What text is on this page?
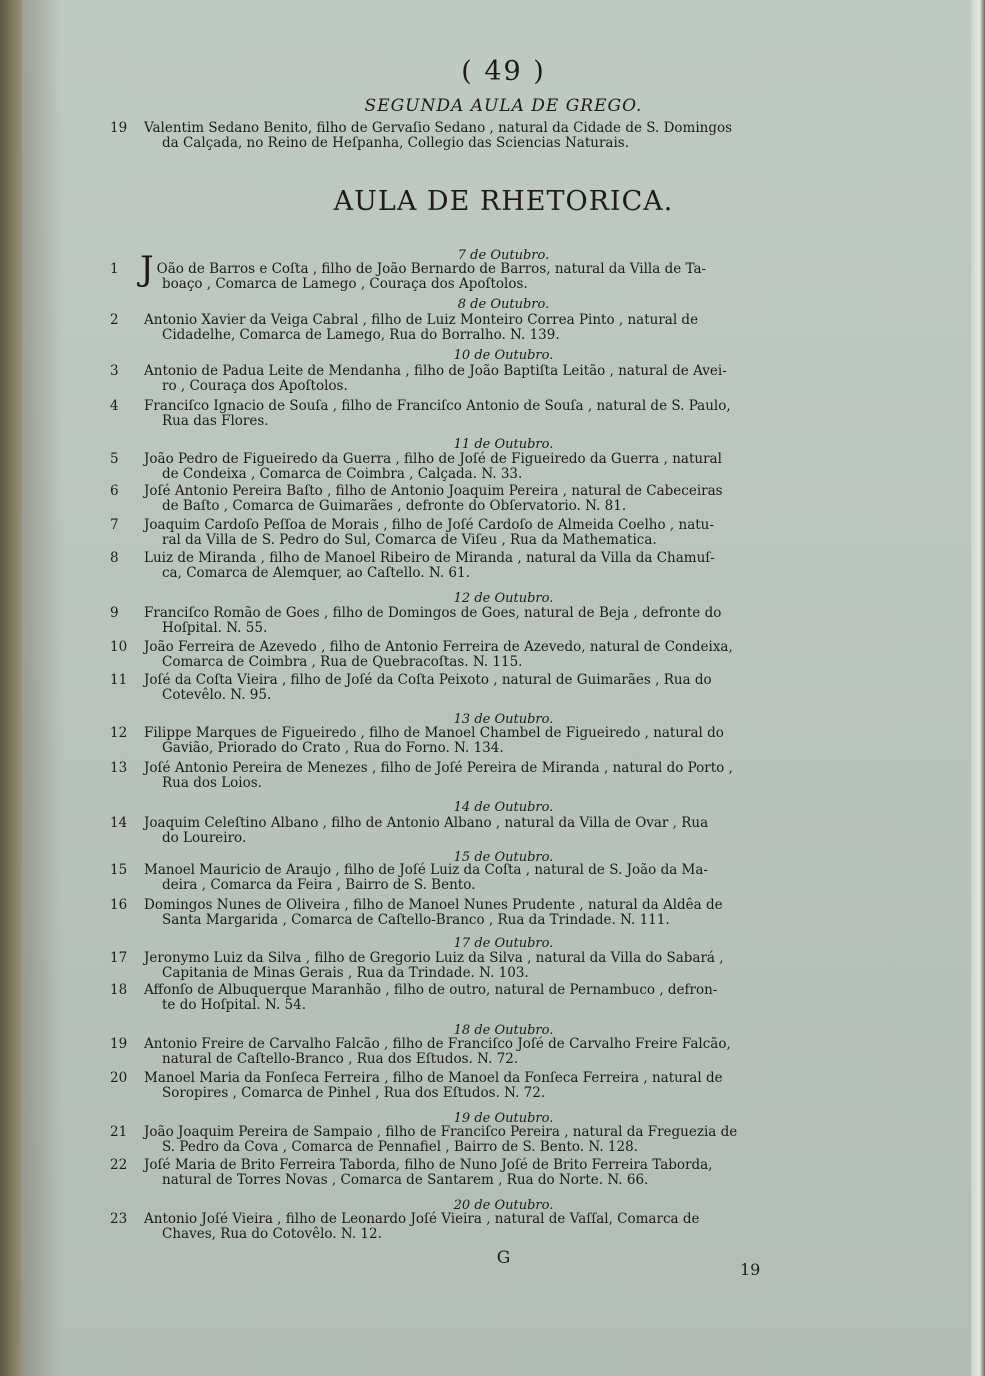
( 49 )
SEGUNDA AULA DE GREGO.
19	Valentim Sedano Benito, filho de Gervaſio Sedano , natural da Cidade de S. Domingos
da Calçada, no Reino de Heſpanha, Collegio das Sciencias Naturais.
AULA DE RHETORICA.
7 de Outubro.
1 J Oão de Barros e Coſta , filho de João Bernardo de Barros, natural da Villa de Ta-
boaço , Comarca de Lamego , Couraça dos Apoſtolos.
8 de Outubro.
2	Antonio Xavier da Veiga Cabral , filho de Luiz Monteiro Correa Pinto , natural de
Cidadelhe, Comarca de Lamego, Rua do Borralho. N. 139.
10 de Outubro.
3	Antonio de Padua Leite de Mendanha , filho de João Baptiſta Leitão , natural de Avei-
ro , Couraça dos Apoſtolos.
4	Franciſco Ignacio de Souſa , filho de Franciſco Antonio de Souſa , natural de S. Paulo,
Rua das Flores.
11 de Outubro.
5	João Pedro de Figueiredo da Guerra , filho de Joſé de Figueiredo da Guerra , natural
de Condeixa , Comarca de Coimbra , Calçada. N. 33.
6	Joſé Antonio Pereira Baſto , filho de Antonio Joaquim Pereira , natural de Cabeceiras
de Baſto , Comarca de Guimarães , defronte do Obſervatorio. N. 81.
7	Joaquim Cardoſo Peſſoa de Morais , filho de Joſé Cardoſo de Almeida Coelho , natu-
ral da Villa de S. Pedro do Sul, Comarca de Viſeu , Rua da Mathematica.
8	Luiz de Miranda , filho de Manoel Ribeiro de Miranda , natural da Villa da Chamuſ-
ca, Comarca de Alemquer, ao Caſtello. N. 61.
12 de Outubro.
9	Franciſco Romão de Goes , filho de Domingos de Goes, natural de Beja , defronte do
Hoſpital. N. 55.
10	João Ferreira de Azevedo , filho de Antonio Ferreira de Azevedo, natural de Condeixa,
Comarca de Coimbra , Rua de Quebracoſtas. N. 115.
11	Joſé da Coſta Vieira , filho de Joſé da Coſta Peixoto , natural de Guimarães , Rua do
Cotevêlo. N. 95.
13 de Outubro.
12	Filippe Marques de Figueiredo , filho de Manoel Chambel de Figueiredo , natural do
Gavião, Priorado do Crato , Rua do Forno. N. 134.
13	Joſé Antonio Pereira de Menezes , filho de Joſé Pereira de Miranda , natural do Porto ,
Rua dos Loios.
14 de Outubro.
14	Joaquim Celeſtino Albano , filho de Antonio Albano , natural da Villa de Ovar , Rua
do Loureiro.
15 de Outubro.
15	Manoel Mauricio de Araujo , filho de Joſé Luiz da Coſta , natural de S. João da Ma-
deira , Comarca da Feira , Bairro de S. Bento.
16	Domingos Nunes de Oliveira , filho de Manoel Nunes Prudente , natural da Aldêa de
Santa Margarida , Comarca de Caſtello-Branco , Rua da Trindade. N. 111.
17 de Outubro.
17	Jeronymo Luiz da Silva , filho de Gregorio Luiz da Silva , natural da Villa do Sabará ,
Capitania de Minas Gerais , Rua da Trindade. N. 103.
18	Affonſo de Albuquerque Maranhão , filho de outro, natural de Pernambuco , defron-
te do Hoſpital. N. 54.
18 de Outubro.
19	Antonio Freire de Carvalho Falcão , filho de Franciſco Joſé de Carvalho Freire Falcão,
natural de Caſtello-Branco , Rua dos Eſtudos. N. 72.
20	Manoel Maria da Fonſeca Ferreira , filho de Manoel da Fonſeca Ferreira , natural de
Soropires , Comarca de Pinhel , Rua dos Eſtudos. N. 72.
19 de Outubro.
21	João Joaquim Pereira de Sampaio , filho de Franciſco Pereira , natural da Freguezia de
S. Pedro da Cova , Comarca de Pennafiel , Bairro de S. Bento. N. 128.
22	Joſé Maria de Brito Ferreira Taborda, filho de Nuno Joſé de Brito Ferreira Taborda,
natural de Torres Novas , Comarca de Santarem , Rua do Norte. N. 66.
20 de Outubro.
23	Antonio Joſé Vieira , filho de Leonardo Joſé Vieira , natural de Vaſſal, Comarca de
Chaves, Rua do Cotovêlo. N. 12.
G
19
